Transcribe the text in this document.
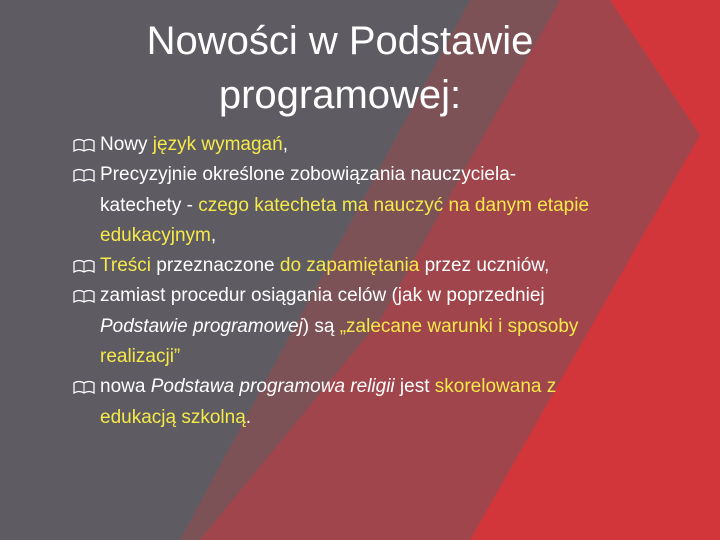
Nowości w Podstawie programowej:
Nowy język wymagań,
Precyzyjnie określone zobowiązania nauczyciela-katechety - czego katecheta ma nauczyć na danym etapie edukacyjnym,
Treści przeznaczone do zapamiętania przez uczniów,
zamiast procedur osiągania celów (jak w poprzedniej Podstawie programowej) są „zalecane warunki i sposoby realizacji”
nowa Podstawa programowa religii jest skorelowana z edukacją szkolną.
